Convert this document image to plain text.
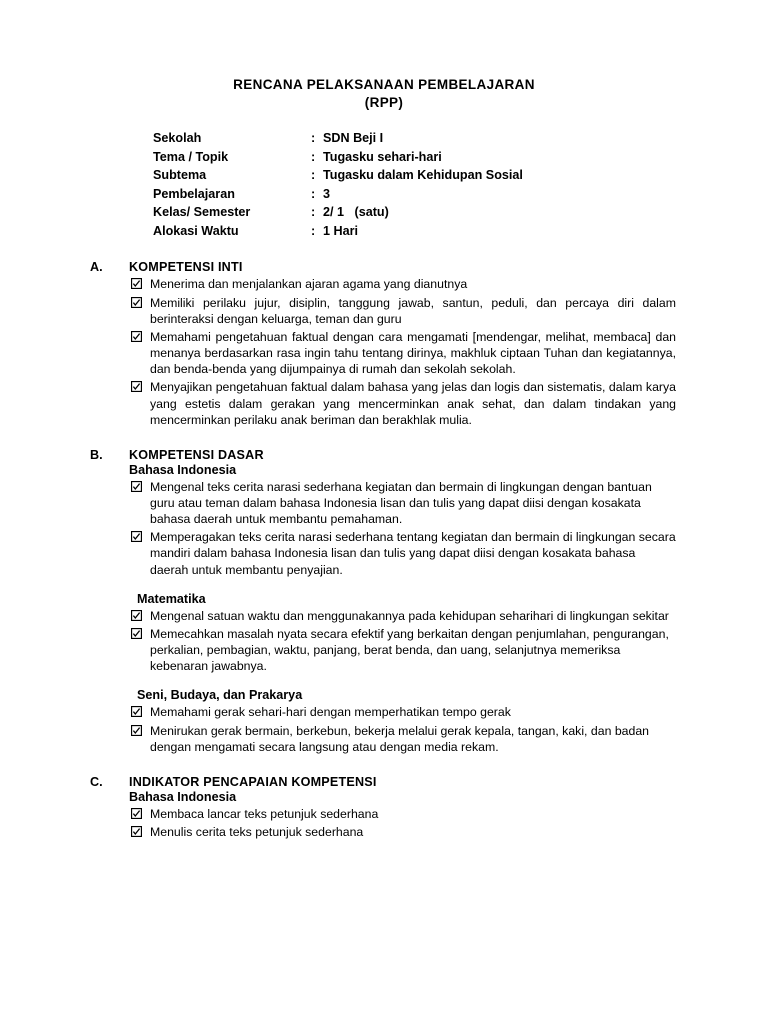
RENCANA PELAKSANAAN PEMBELAJARAN
(RPP)
Sekolah	: SDN Beji I
Tema / Topik	: Tugasku sehari-hari
Subtema	: Tugasku dalam Kehidupan Sosial
Pembelajaran	: 3
Kelas/ Semester	: 2/ 1   (satu)
Alokasi Waktu	: 1 Hari
A.	KOMPETENSI INTI
Menerima dan menjalankan ajaran agama yang dianutnya
Memiliki perilaku jujur, disiplin, tanggung jawab, santun, peduli, dan percaya diri dalam berinteraksi dengan keluarga, teman dan guru
Memahami pengetahuan faktual dengan cara mengamati [mendengar, melihat, membaca] dan menanya berdasarkan rasa ingin tahu tentang dirinya, makhluk ciptaan Tuhan dan kegiatannya, dan benda-benda yang dijumpainya di rumah dan sekolah sekolah.
Menyajikan pengetahuan faktual dalam bahasa yang jelas dan logis dan sistematis, dalam karya yang estetis dalam gerakan yang mencerminkan anak sehat, dan dalam tindakan yang mencerminkan perilaku anak beriman dan berakhlak mulia.
B.	KOMPETENSI DASAR
Bahasa Indonesia
Mengenal teks cerita narasi sederhana kegiatan dan bermain di lingkungan dengan bantuan guru atau teman dalam bahasa Indonesia lisan dan tulis yang dapat diisi dengan kosakata bahasa daerah untuk membantu pemahaman.
Memperagakan teks cerita narasi sederhana tentang kegiatan dan bermain di lingkungan secara mandiri dalam bahasa Indonesia lisan dan tulis yang dapat diisi dengan kosakata bahasa daerah untuk membantu penyajian.
Matematika
Mengenal satuan waktu dan menggunakannya pada kehidupan seharihari di lingkungan sekitar
Memecahkan masalah nyata secara efektif yang berkaitan dengan penjumlahan, pengurangan, perkalian, pembagian, waktu, panjang, berat benda, dan uang, selanjutnya memeriksa kebenaran jawabnya.
Seni, Budaya, dan Prakarya
Memahami gerak sehari-hari dengan memperhatikan tempo gerak
Menirukan gerak bermain, berkebun, bekerja melalui gerak kepala, tangan, kaki, dan badan dengan mengamati secara langsung atau dengan media rekam.
C.	INDIKATOR PENCAPAIAN KOMPETENSI
Bahasa Indonesia
Membaca lancar teks petunjuk sederhana
Menulis cerita teks petunjuk sederhana
